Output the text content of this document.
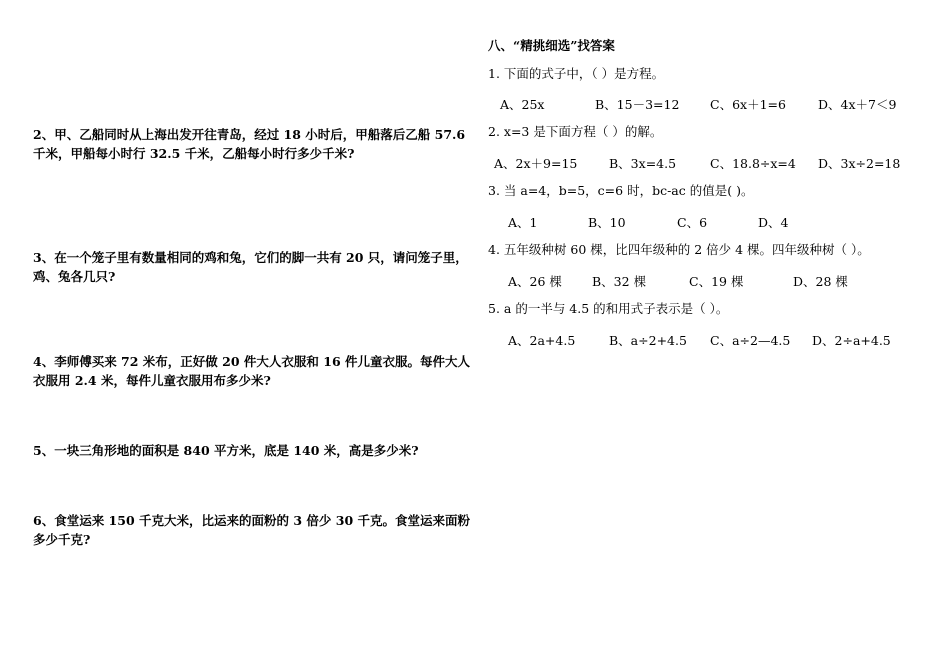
2、甲、乙船同时从上海出发开往青岛，经过 18 小时后，甲船落后乙船 57.6
千米，甲船每小时行 32.5 千米，乙船每小时行多少千米?
3、在一个笼子里有数量相同的鸡和兔，它们的脚一共有 20 只，请问笼子里，
鸡、兔各几只?
4、李师傅买来 72 米布，正好做 20 件大人衣服和 16 件儿童衣服。每件大人
衣服用 2.4 米，每件儿童衣服用布多少米?
5、一块三角形地的面积是 840 平方米，底是 140 米，高是多少米?
6、食堂运来 150 千克大米，比运来的面粉的 3 倍少 30 千克。食堂运来面粉
多少千克?
八、“精挑细选”找答案
1. 下面的式子中，（ ）是方程。
A、25x	B、15－3=12 C、6x＋1=6	D、4x＋7＜9
2. x=3 是下面方程（ ）的解。
A、2x＋9=15	B、3x=4.5	C、18.8÷x=4 D、3x÷2=18
3. 当 a=4，b=5，c=6 时，bc-ac 的值是( )。
A、1	B、10	C、6	D、4
4. 五年级种树 60 棵，比四年级种的 2 倍少 4 棵。四年级种树（ ）。
A、26 棵 B、32 棵	C、19 棵	D、28 棵
5. a 的一半与 4.5 的和用式子表示是（ ）。
A、2a+4.5	B、a÷2+4.5 C、a÷2—4.5 D、2÷a+4.5
